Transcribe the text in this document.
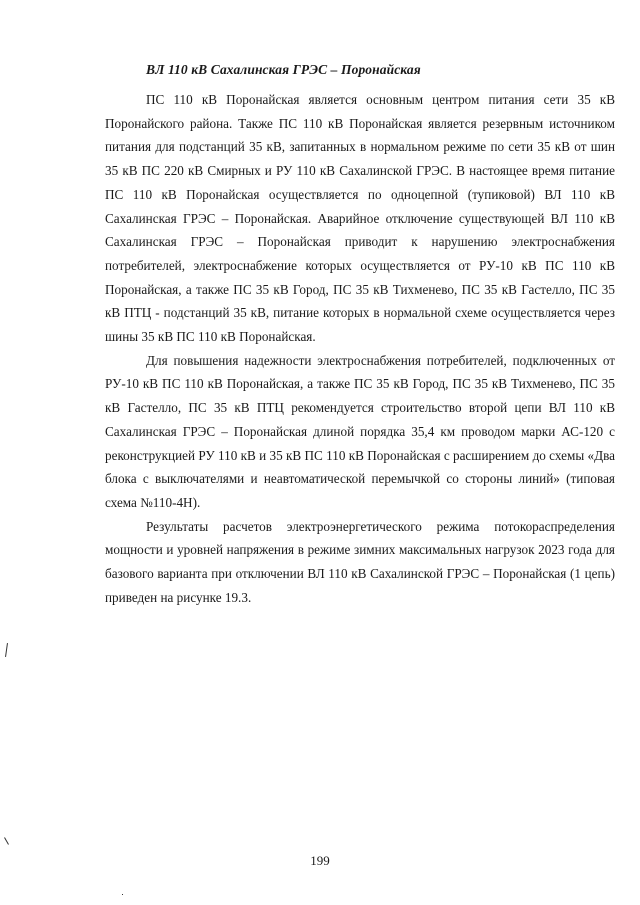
ВЛ 110 кВ Сахалинская ГРЭС – Поронайская

ПС 110 кВ Поронайская является основным центром питания сети 35 кВ Поронайского района. Также ПС 110 кВ Поронайская является резервным источником питания для подстанций 35 кВ, запитанных в нормальном режиме по сети 35 кВ от шин 35 кВ ПС 220 кВ Смирных и РУ 110 кВ Сахалинской ГРЭС. В настоящее время питание ПС 110 кВ Поронайская осуществляется по одноцепной (тупиковой) ВЛ 110 кВ Сахалинская ГРЭС – Поронайская. Аварийное отключение существующей ВЛ 110 кВ Сахалинская ГРЭС – Поронайская приводит к нарушению электроснабжения потребителей, электроснабжение которых осуществляется от РУ-10 кВ ПС 110 кВ Поронайская, а также ПС 35 кВ Город, ПС 35 кВ Тихменево, ПС 35 кВ Гастелло, ПС 35 кВ ПТЦ - подстанций 35 кВ, питание которых в нормальной схеме осуществляется через шины 35 кВ ПС 110 кВ Поронайская.

Для повышения надежности электроснабжения потребителей, подключенных от РУ-10 кВ ПС 110 кВ Поронайская, а также ПС 35 кВ Город, ПС 35 кВ Тихменево, ПС 35 кВ Гастелло, ПС 35 кВ ПТЦ рекомендуется строительство второй цепи ВЛ 110 кВ Сахалинская ГРЭС – Поронайская длиной порядка 35,4 км проводом марки АС-120 с реконструкцией РУ 110 кВ и 35 кВ ПС 110 кВ Поронайская с расширением до схемы «Два блока с выключателями и неавтоматической перемычкой со стороны линий» (типовая схема №110-4Н).

Результаты расчетов электроэнергетического режима потокораспределения мощности и уровней напряжения в режиме зимних максимальных нагрузок 2023 года для базового варианта при отключении ВЛ 110 кВ Сахалинской ГРЭС – Поронайская (1 цепь) приведен на рисунке 19.3.

199
